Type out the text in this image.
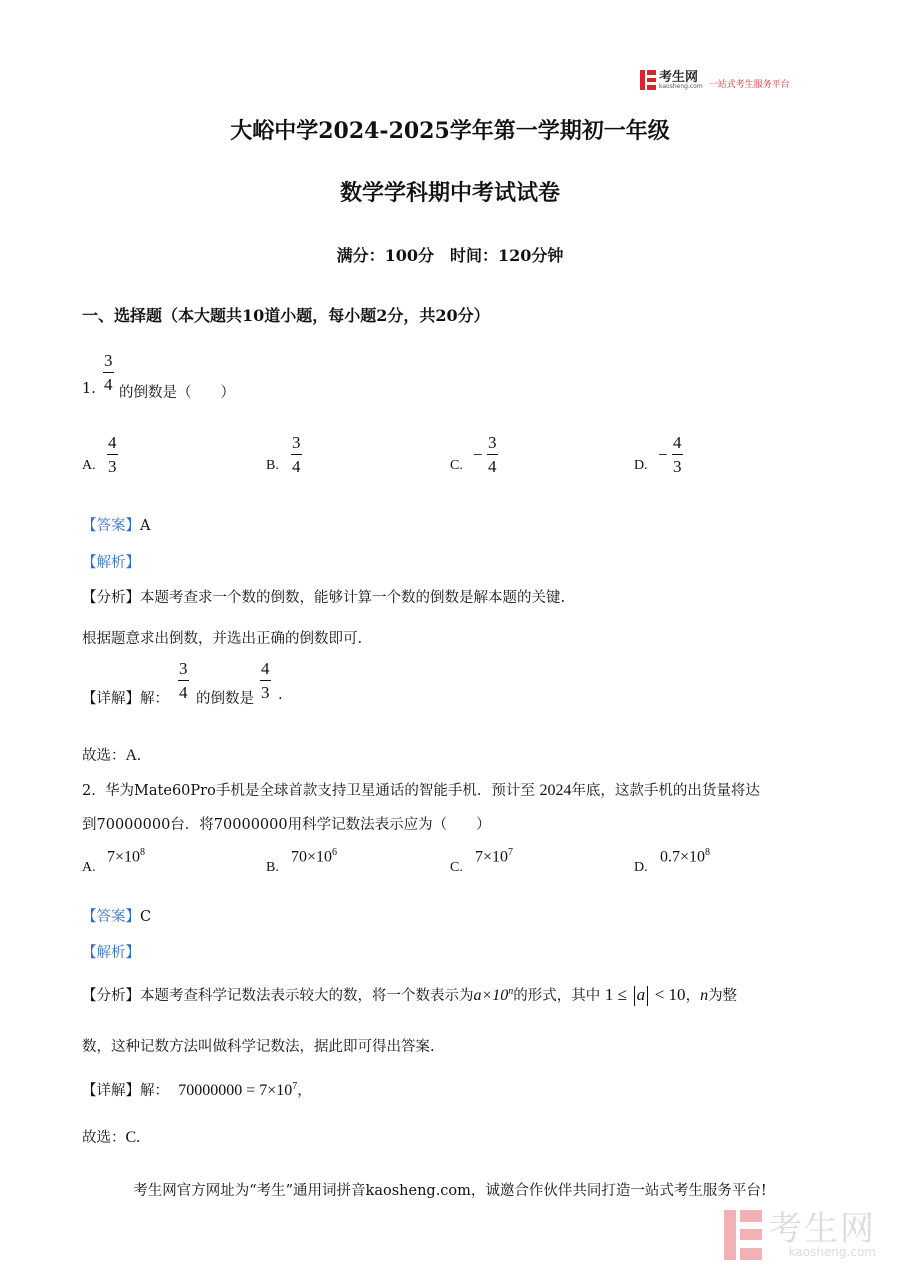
考生网
kaosheng.com 一站式考生服务平台
大峪中学2024-2025学年第一学期初一年级
数学学科期中考试试卷
满分：100分　时间：120分钟
一、选择题（本大题共10道小题，每小题2分，共20分）
1. $\frac{3}{4}$ 的倒数是（　　）
A. $\frac{4}{3}$	B. $\frac{3}{4}$	C.
− $\frac{3}{4}$	D.
− $\frac{4}{3}$
【答案】A
【解析】
【分析】本题考查求一个数的倒数，能够计算一个数的倒数是解本题的关键.
根据题意求出倒数，并选出正确的倒数即可.
【详解】解： $\frac{3}{4}$ 的倒数是 $\frac{4}{3}$ .
故选：A.
2. 华为Mate60Pro手机是全球首款支持卫星通话的智能手机．预计至 2024年底，这款手机的出货量将达
到70000000台．将70000000用科学记数法表示应为（　　）
A.
$7\times 10^8$
B.
$70\times 10^6$
C.
$7\times 10^7$
D.
$0.7\times 10^8$
【答案】C
【解析】
【分析】本题考查科学记数法表示较大的数，将一个数表示为$a\times 10^n$的形式，其中 1 ≤ a < 10，n为整
数，这种记数方法叫做科学记数法，据此即可得出答案.
【详解】解： $70000000 = 7\times 10^7$，
故选：C.
考生网官方网址为“考生”通用词拼音kaosheng.com，诚邀合作伙伴共同打造一站式考生服务平台!
考生网
kaosheng.com
